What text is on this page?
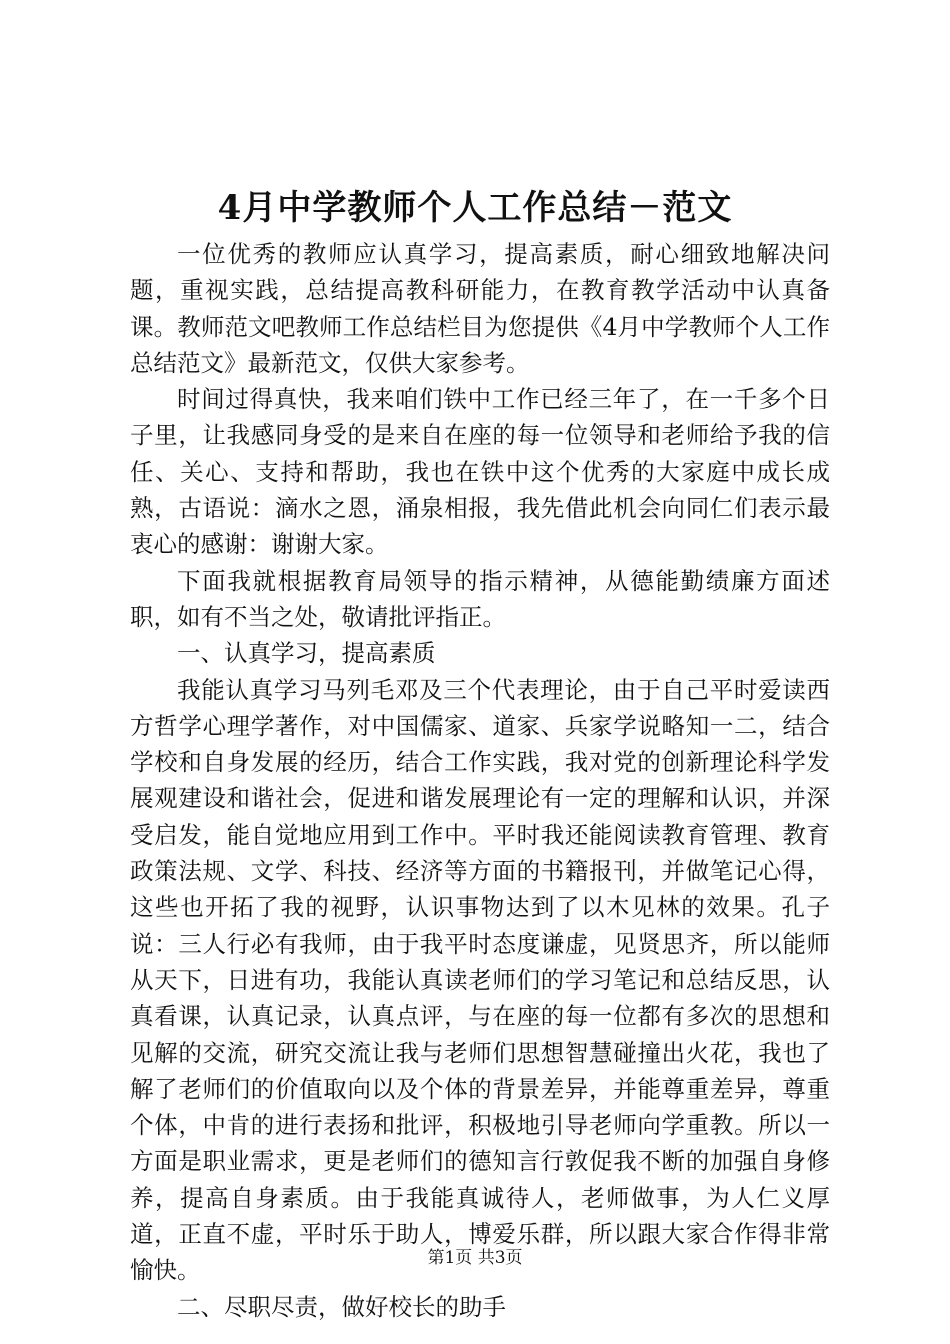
4月中学教师个人工作总结－范文

一位优秀的教师应认真学习，提高素质，耐心细致地解决问题，重视实践，总结提高教科研能力，在教育教学活动中认真备课。教师范文吧教师工作总结栏目为您提供《4月中学教师个人工作总结范文》最新范文，仅供大家参考。

时间过得真快，我来咱们铁中工作已经三年了，在一千多个日子里，让我感同身受的是来自在座的每一位领导和老师给予我的信任、关心、支持和帮助，我也在铁中这个优秀的大家庭中成长成熟，古语说：滴水之恩，涌泉相报，我先借此机会向同仁们表示最衷心的感谢：谢谢大家。

下面我就根据教育局领导的指示精神，从德能勤绩廉方面述职，如有不当之处，敬请批评指正。

一、认真学习，提高素质

我能认真学习马列毛邓及三个代表理论，由于自己平时爱读西方哲学心理学著作，对中国儒家、道家、兵家学说略知一二，结合学校和自身发展的经历，结合工作实践，我对党的创新理论科学发展观建设和谐社会，促进和谐发展理论有一定的理解和认识，并深受启发，能自觉地应用到工作中。平时我还能阅读教育管理、教育政策法规、文学、科技、经济等方面的书籍报刊，并做笔记心得，这些也开拓了我的视野，认识事物达到了以木见林的效果。孔子说：三人行必有我师，由于我平时态度谦虚，见贤思齐，所以能师从天下，日进有功，我能认真读老师们的学习笔记和总结反思，认真看课，认真记录，认真点评，与在座的每一位都有多次的思想和见解的交流，研究交流让我与老师们思想智慧碰撞出火花，我也了解了老师们的价值取向以及个体的背景差异，并能尊重差异，尊重个体，中肯的进行表扬和批评，积极地引导老师向学重教。所以一方面是职业需求，更是老师们的德知言行敦促我不断的加强自身修养，提高自身素质。由于我能真诚待人，老师做事，为人仁义厚道，正直不虚，平时乐于助人，博爱乐群，所以跟大家合作得非常愉快。

二、尽职尽责，做好校长的助手

第1页 共3页
